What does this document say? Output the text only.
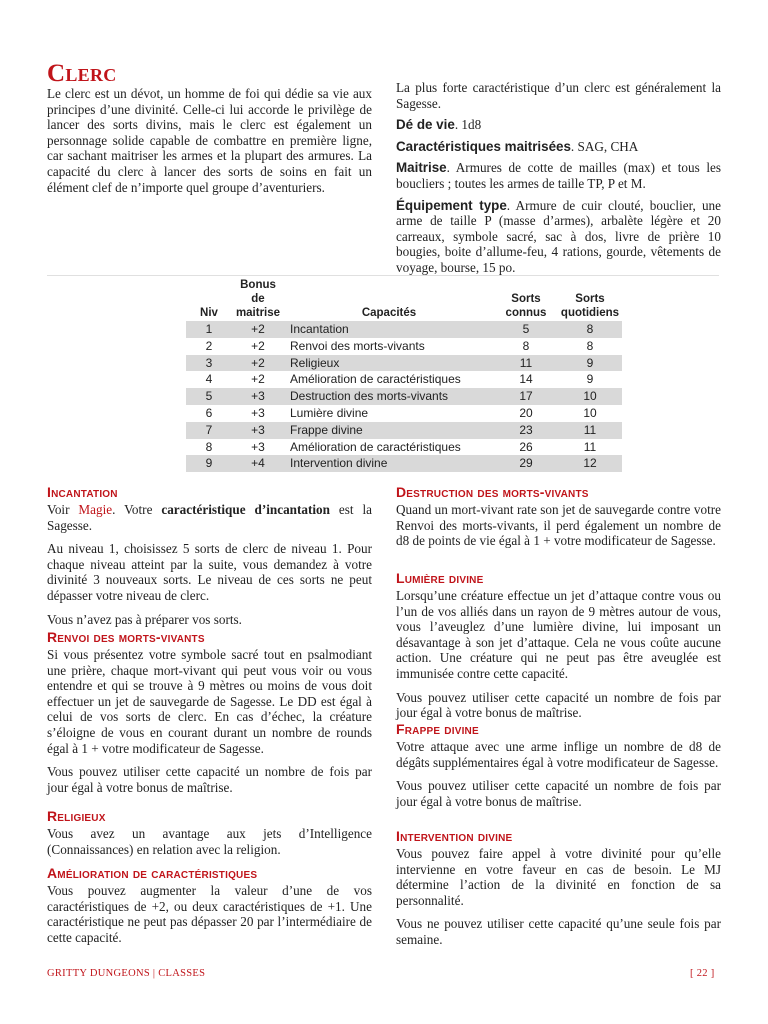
Clerc

Le clerc est un dévot, un homme de foi qui dédie sa vie aux principes d’une divinité. Celle-ci lui accorde le privilège de lancer des sorts divins, mais le clerc est également un personnage solide capable de combattre en première ligne, car sachant maitriser les armes et la plupart des armures. La capacité du clerc à lancer des sorts de soins en fait un élément clef de n’importe quel groupe d’aventuriers.

La plus forte caractéristique d’un clerc est généralement la Sagesse.

Dé de vie. 1d8

Caractéristiques maitrisées. SAG, CHA

Maitrise. Armures de cotte de mailles (max) et tous les boucliers ; toutes les armes de taille TP, P et M.

Équipement type. Armure de cuir clouté, bouclier, une arme de taille P (masse d’armes), arbalète légère et 20 carreaux, symbole sacré, sac à dos, livre de prière 10 bougies, boite d’allume-feu, 4 rations, gourde, vêtements de voyage, bourse, 15 po.

Niv	Bonus de maitrise	Capacités	Sorts connus	Sorts quotidiens
1	+2	Incantation	5	8
2	+2	Renvoi des morts-vivants	8	8
3	+2	Religieux	11	9
4	+2	Amélioration de caractéristiques	14	9
5	+3	Destruction des morts-vivants	17	10
6	+3	Lumière divine	20	10
7	+3	Frappe divine	23	11
8	+3	Amélioration de caractéristiques	26	11
9	+4	Intervention divine	29	12
Incantation

Voir Magie. Votre caractéristique d’incantation est la Sagesse.

Au niveau 1, choisissez 5 sorts de clerc de niveau 1. Pour chaque niveau atteint par la suite, vous demandez à votre divinité 3 nouveaux sorts. Le niveau de ces sorts ne peut dépasser votre niveau de clerc.

Vous n’avez pas à préparer vos sorts.

Renvoi des morts-vivants

Si vous présentez votre symbole sacré tout en psalmodiant une prière, chaque mort-vivant qui peut vous voir ou vous entendre et qui se trouve à 9 mètres ou moins de vous doit effectuer un jet de sauvegarde de Sagesse. Le DD est égal à celui de vos sorts de clerc. En cas d’échec, la créature s’éloigne de vous en courant durant un nombre de rounds égal à 1 + votre modificateur de Sagesse.

Vous pouvez utiliser cette capacité un nombre de fois par jour égal à votre bonus de maîtrise.

Religieux

Vous avez un avantage aux jets d’Intelligence (Connaissances) en relation avec la religion.

Amélioration de caractéristiques

Vous pouvez augmenter la valeur d’une de vos caractéristiques de +2, ou deux caractéristiques de +1. Une caractéristique ne peut pas dépasser 20 par l’intermédiaire de cette capacité.

Destruction des morts-vivants

Quand un mort-vivant rate son jet de sauvegarde contre votre Renvoi des morts-vivants, il perd également un nombre de d8 de points de vie égal à 1 + votre modificateur de Sagesse.

Lumière divine

Lorsqu’une créature effectue un jet d’attaque contre vous ou l’un de vos alliés dans un rayon de 9 mètres autour de vous, vous l’aveuglez d’une lumière divine, lui imposant un désavantage à son jet d’attaque. Cela ne vous coûte aucune action. Une créature qui ne peut pas être aveuglée est immunisée contre cette capacité.

Vous pouvez utiliser cette capacité un nombre de fois par jour égal à votre bonus de maîtrise.

Frappe divine

Votre attaque avec une arme inflige un nombre de d8 de dégâts supplémentaires égal à votre modificateur de Sagesse.

Vous pouvez utiliser cette capacité un nombre de fois par jour égal à votre bonus de maîtrise.

Intervention divine

Vous pouvez faire appel à votre divinité pour qu’elle intervienne en votre faveur en cas de besoin. Le MJ détermine l’action de la divinité en fonction de sa personnalité.

Vous ne pouvez utiliser cette capacité qu’une seule fois par semaine.

GRITTY DUNGEONS | CLASSES	[ 22 ]
